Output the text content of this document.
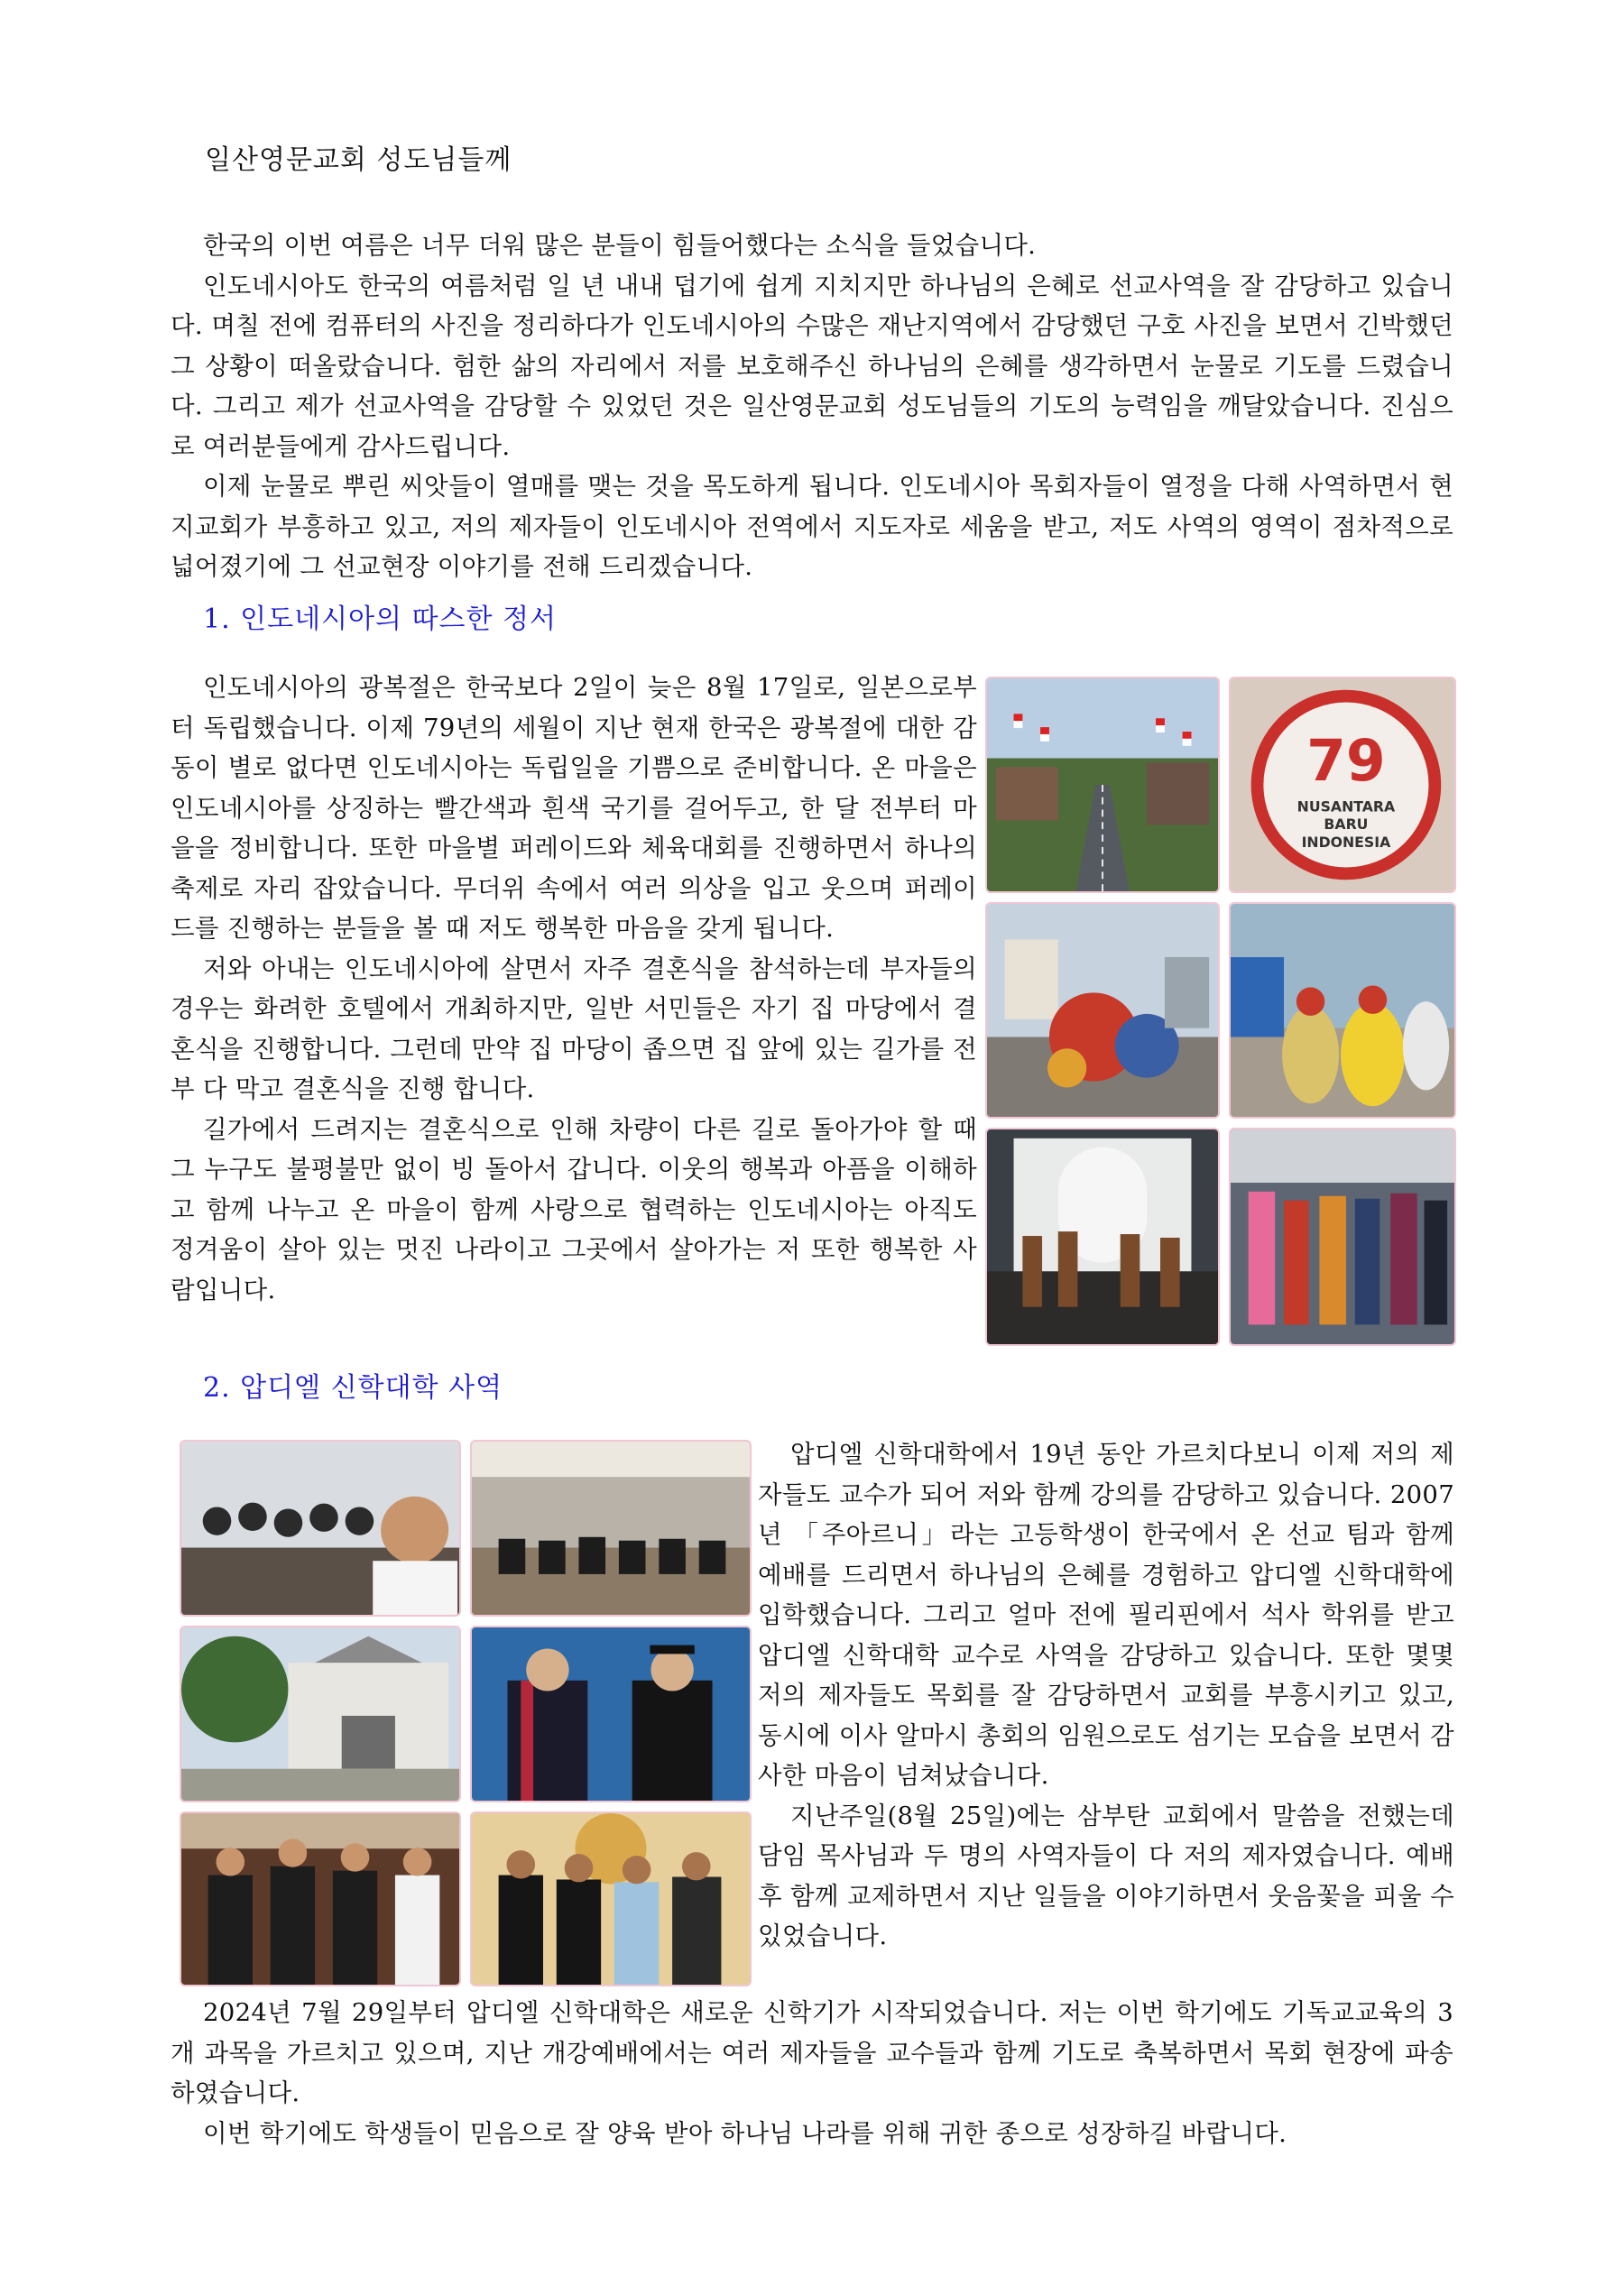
일산영문교회 성도님들께

한국의 이번 여름은 너무 더워 많은 분들이 힘들어했다는 소식을 들었습니다.

인도네시아도 한국의 여름처럼 일 년 내내 덥기에 쉽게 지치지만 하나님의 은혜로 선교사역을 잘 감당하고 있습니다. 며칠 전에 컴퓨터의 사진을 정리하다가 인도네시아의 수많은 재난지역에서 감당했던 구호 사진을 보면서 긴박했던 그 상황이 떠올랐습니다. 험한 삶의 자리에서 저를 보호해주신 하나님의 은혜를 생각하면서 눈물로 기도를 드렸습니다. 그리고 제가 선교사역을 감당할 수 있었던 것은 일산영문교회 성도님들의 기도의 능력임을 깨달았습니다. 진심으로 여러분들에게 감사드립니다.

이제 눈물로 뿌린 씨앗들이 열매를 맺는 것을 목도하게 됩니다. 인도네시아 목회자들이 열정을 다해 사역하면서 현지교회가 부흥하고 있고, 저의 제자들이 인도네시아 전역에서 지도자로 세움을 받고, 저도 사역의 영역이 점차적으로 넓어졌기에 그 선교현장 이야기를 전해 드리겠습니다.

1. 인도네시아의 따스한 정서

인도네시아의 광복절은 한국보다 2일이 늦은 8월 17일로, 일본으로부터 독립했습니다. 이제 79년의 세월이 지난 현재 한국은 광복절에 대한 감동이 별로 없다면 인도네시아는 독립일을 기쁨으로 준비합니다. 온 마을은 인도네시아를 상징하는 빨간색과 흰색 국기를 걸어두고, 한 달 전부터 마을을 정비합니다. 또한 마을별 퍼레이드와 체육대회를 진행하면서 하나의 축제로 자리 잡았습니다. 무더위 속에서 여러 의상을 입고 웃으며 퍼레이드를 진행하는 분들을 볼 때 저도 행복한 마음을 갖게 됩니다.

저와 아내는 인도네시아에 살면서 자주 결혼식을 참석하는데 부자들의 경우는 화려한 호텔에서 개최하지만, 일반 서민들은 자기 집 마당에서 결혼식을 진행합니다. 그런데 만약 집 마당이 좁으면 집 앞에 있는 길가를 전부 다 막고 결혼식을 진행 합니다.

길가에서 드려지는 결혼식으로 인해 차량이 다른 길로 돌아가야 할 때 그 누구도 불평불만 없이 빙 돌아서 갑니다. 이웃의 행복과 아픔을 이해하고 함께 나누고 온 마을이 함께 사랑으로 협력하는 인도네시아는 아직도 정겨움이 살아 있는 멋진 나라이고 그곳에서 살아가는 저 또한 행복한 사람입니다.

79
NUSANTARA
BARU
INDONESIA
2. 압디엘 신학대학 사역

압디엘 신학대학에서 19년 동안 가르치다보니 이제 저의 제자들도 교수가 되어 저와 함께 강의를 감당하고 있습니다. 2007년 「주아르니」라는 고등학생이 한국에서 온 선교 팀과 함께 예배를 드리면서 하나님의 은혜를 경험하고 압디엘 신학대학에 입학했습니다. 그리고 얼마 전에 필리핀에서 석사 학위를 받고 압디엘 신학대학 교수로 사역을 감당하고 있습니다. 또한 몇몇 저의 제자들도 목회를 잘 감당하면서 교회를 부흥시키고 있고, 동시에 이사 알마시 총회의 임원으로도 섬기는 모습을 보면서 감사한 마음이 넘쳐났습니다.

지난주일(8월 25일)에는 삼부탄 교회에서 말씀을 전했는데 담임 목사님과 두 명의 사역자들이 다 저의 제자였습니다. 예배 후 함께 교제하면서 지난 일들을 이야기하면서 웃음꽃을 피울 수 있었습니다.

2024년 7월 29일부터 압디엘 신학대학은 새로운 신학기가 시작되었습니다. 저는 이번 학기에도 기독교교육의 3개 과목을 가르치고 있으며, 지난 개강예배에서는 여러 제자들을 교수들과 함께 기도로 축복하면서 목회 현장에 파송하였습니다.

이번 학기에도 학생들이 믿음으로 잘 양육 받아 하나님 나라를 위해 귀한 종으로 성장하길 바랍니다.
